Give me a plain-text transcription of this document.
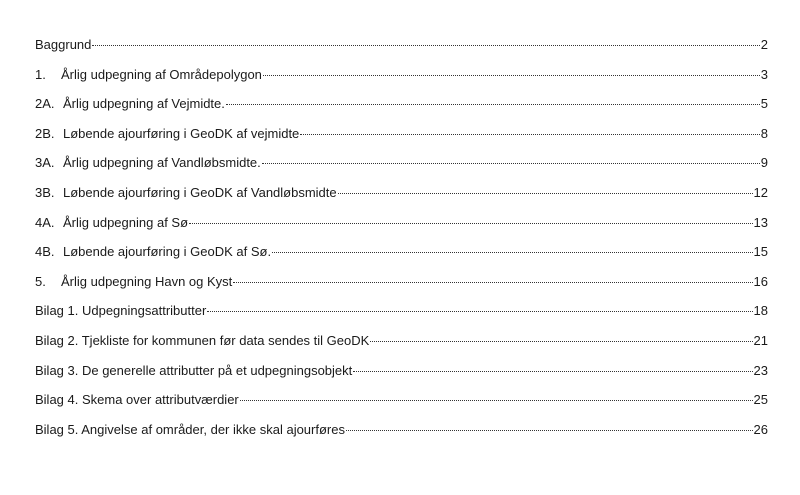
Baggrund	2
1.	Årlig udpegning af Områdepolygon	3
2A. Årlig udpegning af Vejmidte.	5
2B. Løbende ajourføring i GeoDK af vejmidte	8
3A. Årlig udpegning af Vandløbsmidte.	9
3B. Løbende ajourføring i GeoDK af Vandløbsmidte	12
4A. Årlig udpegning af Sø	13
4B. Løbende ajourføring i GeoDK af Sø.	15
5.	Årlig udpegning Havn og Kyst	16
Bilag 1. Udpegningsattributter	18
Bilag 2. Tjekliste for kommunen før data sendes til GeoDK	21
Bilag 3. De generelle attributter på et udpegningsobjekt	23
Bilag 4. Skema over attributværdier	25
Bilag 5. Angivelse af områder, der ikke skal ajourføres	26
